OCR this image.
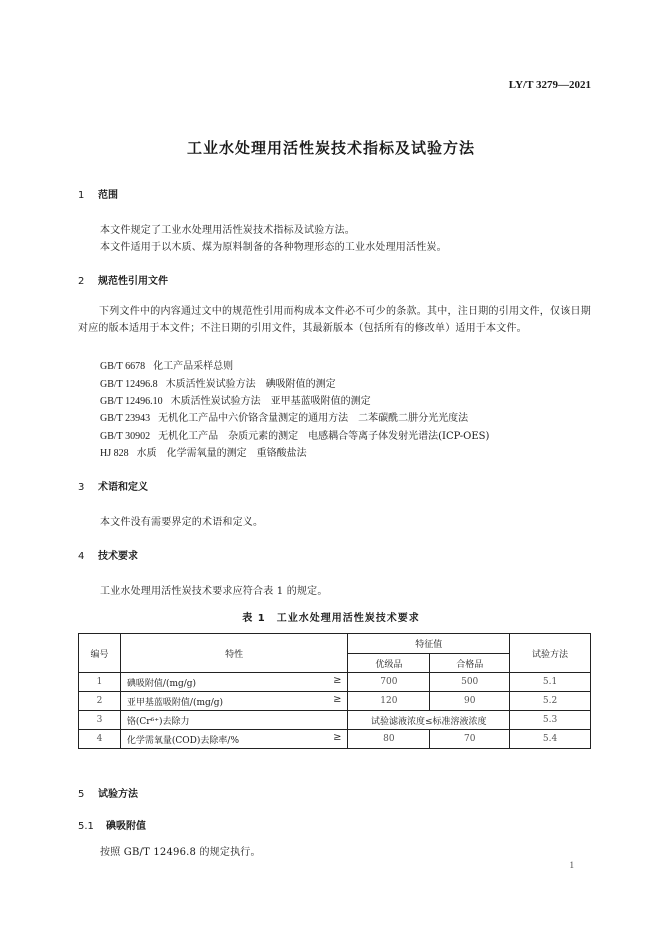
LY/T 3279—2021
工业水处理用活性炭技术指标及试验方法
1 范围
本文件规定了工业水处理用活性炭技术指标及试验方法。
本文件适用于以木质、煤为原料制备的各种物理形态的工业水处理用活性炭。
2 规范性引用文件
下列文件中的内容通过文中的规范性引用而构成本文件必不可少的条款。其中，注日期的引用文件，仅该日期对应的版本适用于本文件；不注日期的引用文件，其最新版本（包括所有的修改单）适用于本文件。
GB/T 6678 化工产品采样总则
GB/T 12496.8 木质活性炭试验方法 碘吸附值的测定
GB/T 12496.10 木质活性炭试验方法 亚甲基蓝吸附值的测定
GB/T 23943 无机化工产品中六价铬含量测定的通用方法 二苯碳酰二肼分光光度法
GB/T 30902 无机化工产品 杂质元素的测定　电感耦合等离子体发射光谱法(ICP-OES)
HJ 828 水质 化学需氧量的测定　重铬酸盐法
3 术语和定义
本文件没有需要界定的术语和定义。
4 技术要求
工业水处理用活性炭技术要求应符合表 1 的规定。
表 1　工业水处理用活性炭技术要求
编号	特性	特征值		试验方法
		优级品	合格品	
1	碘吸附值/(mg/g) ≥	700	500	5.1
2	亚甲基蓝吸附值/(mg/g) ≥	120	90	5.2
3	铬(Cr⁶⁺)去除力	试验滤液浓度≤标准溶液浓度		5.3
4	化学需氧量(COD)去除率/% ≥	80	70	5.4
5 试验方法
5.1 碘吸附值
按照 GB/T 12496.8 的规定执行。
1
